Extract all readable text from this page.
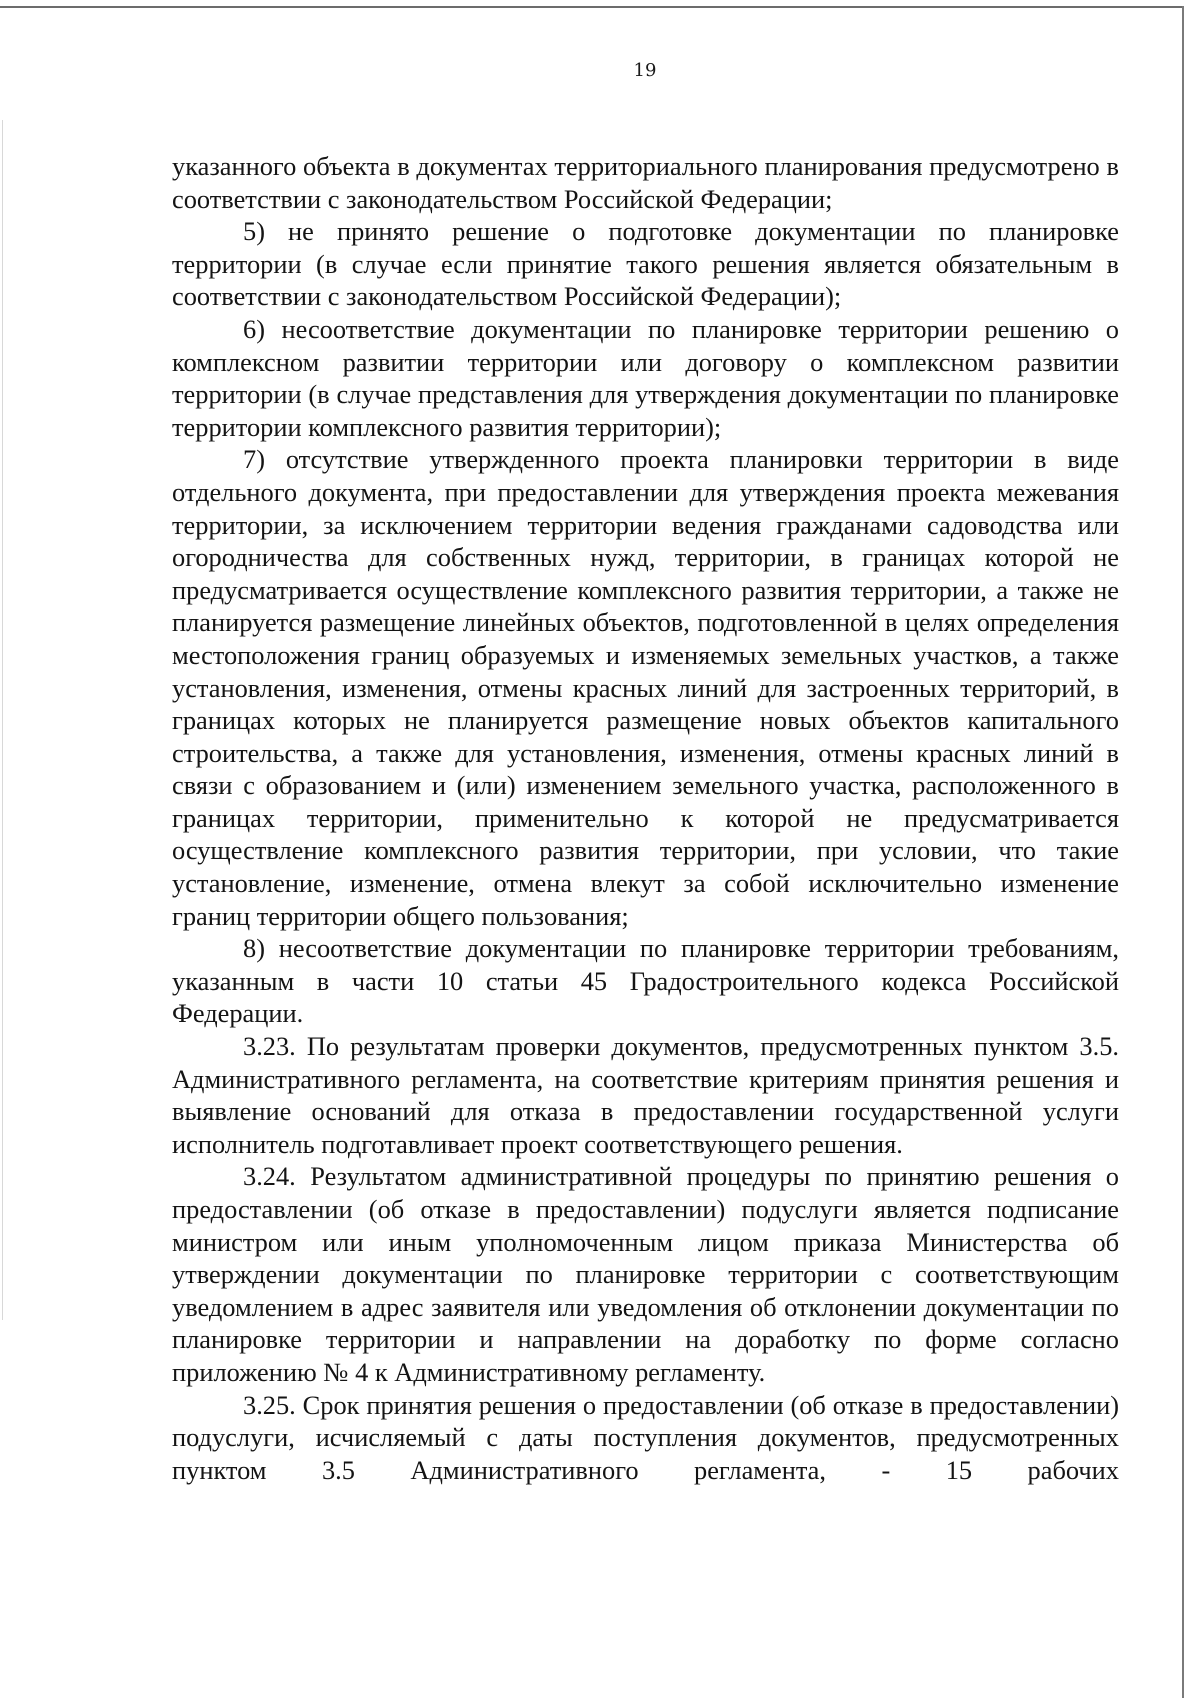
19

указанного объекта в документах территориального планирования предусмотрено в соответствии с законодательством Российской Федерации;

5) не принято решение о подготовке документации по планировке территории (в случае если принятие такого решения является обязательным в соответствии с законодательством Российской Федерации);

6) несоответствие документации по планировке территории решению о комплексном развитии территории или договору о комплексном развитии территории (в случае представления для утверждения документации по планировке территории комплексного развития территории);

7) отсутствие утвержденного проекта планировки территории в виде отдельного документа, при предоставлении для утверждения проекта межевания территории, за исключением территории ведения гражданами садоводства или огородничества для собственных нужд, территории, в границах которой не предусматривается осуществление комплексного развития территории, а также не планируется размещение линейных объектов, подготовленной в целях определения местоположения границ образуемых и изменяемых земельных участков, а также установления, изменения, отмены красных линий для застроенных территорий, в границах которых не планируется размещение новых объектов капитального строительства, а также для установления, изменения, отмены красных линий в связи с образованием и (или) изменением земельного участка, расположенного в границах территории, применительно к которой не предусматривается осуществление комплексного развития территории, при условии, что такие установление, изменение, отмена влекут за собой исключительно изменение границ территории общего пользования;

8) несоответствие документации по планировке территории требованиям, указанным в части 10 статьи 45 Градостроительного кодекса Российской Федерации.

3.23. По результатам проверки документов, предусмотренных пунктом 3.5. Административного регламента, на соответствие критериям принятия решения и выявление оснований для отказа в предоставлении государственной услуги исполнитель подготавливает проект соответствующего решения.

3.24. Результатом административной процедуры по принятию решения о предоставлении (об отказе в предоставлении) подуслуги является подписание министром или иным уполномоченным лицом приказа Министерства об утверждении документации по планировке территории с соответствующим уведомлением в адрес заявителя или уведомления об отклонении документации по планировке территории и направлении на доработку по форме согласно приложению № 4 к Административному регламенту.

3.25. Срок принятия решения о предоставлении (об отказе в предоставлении) подуслуги, исчисляемый с даты поступления документов, предусмотренных пунктом 3.5 Административного регламента, - 15 рабочих
